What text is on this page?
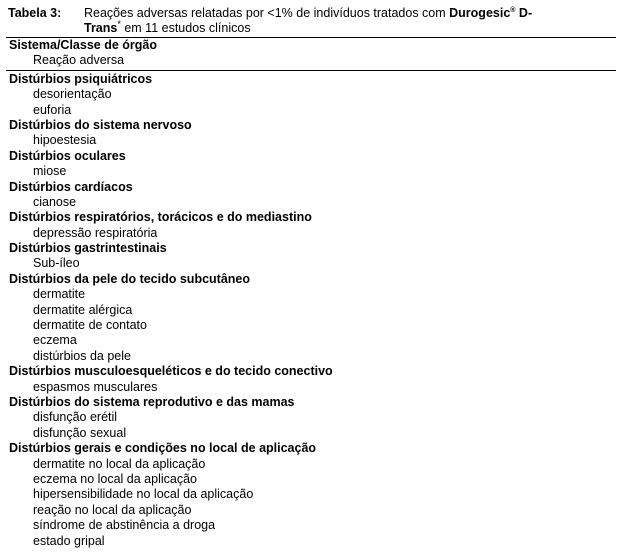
Tabela 3:	Reações adversas relatadas por <1% de indivíduos tratados com Durogesic® D-
Trans* em 11 estudos clínicos
Sistema/Classe de órgão
Reação adversa
Distúrbios psiquiátricos
desorientação
euforia
Distúrbios do sistema nervoso
hipoestesia
Distúrbios oculares
miose
Distúrbios cardíacos
cianose
Distúrbios respiratórios, torácicos e do mediastino
depressão respiratória
Distúrbios gastrintestinais
Sub-íleo
Distúrbios da pele do tecido subcutâneo
dermatite
dermatite alérgica
dermatite de contato
eczema
distúrbios da pele
Distúrbios musculoesqueléticos e do tecido conectivo
espasmos musculares
Distúrbios do sistema reprodutivo e das mamas
disfunção erétil
disfunção sexual
Distúrbios gerais e condições no local de aplicação
dermatite no local da aplicação
eczema no local da aplicação
hipersensibilidade no local da aplicação
reação no local da aplicação
síndrome de abstinência a droga
estado gripal
